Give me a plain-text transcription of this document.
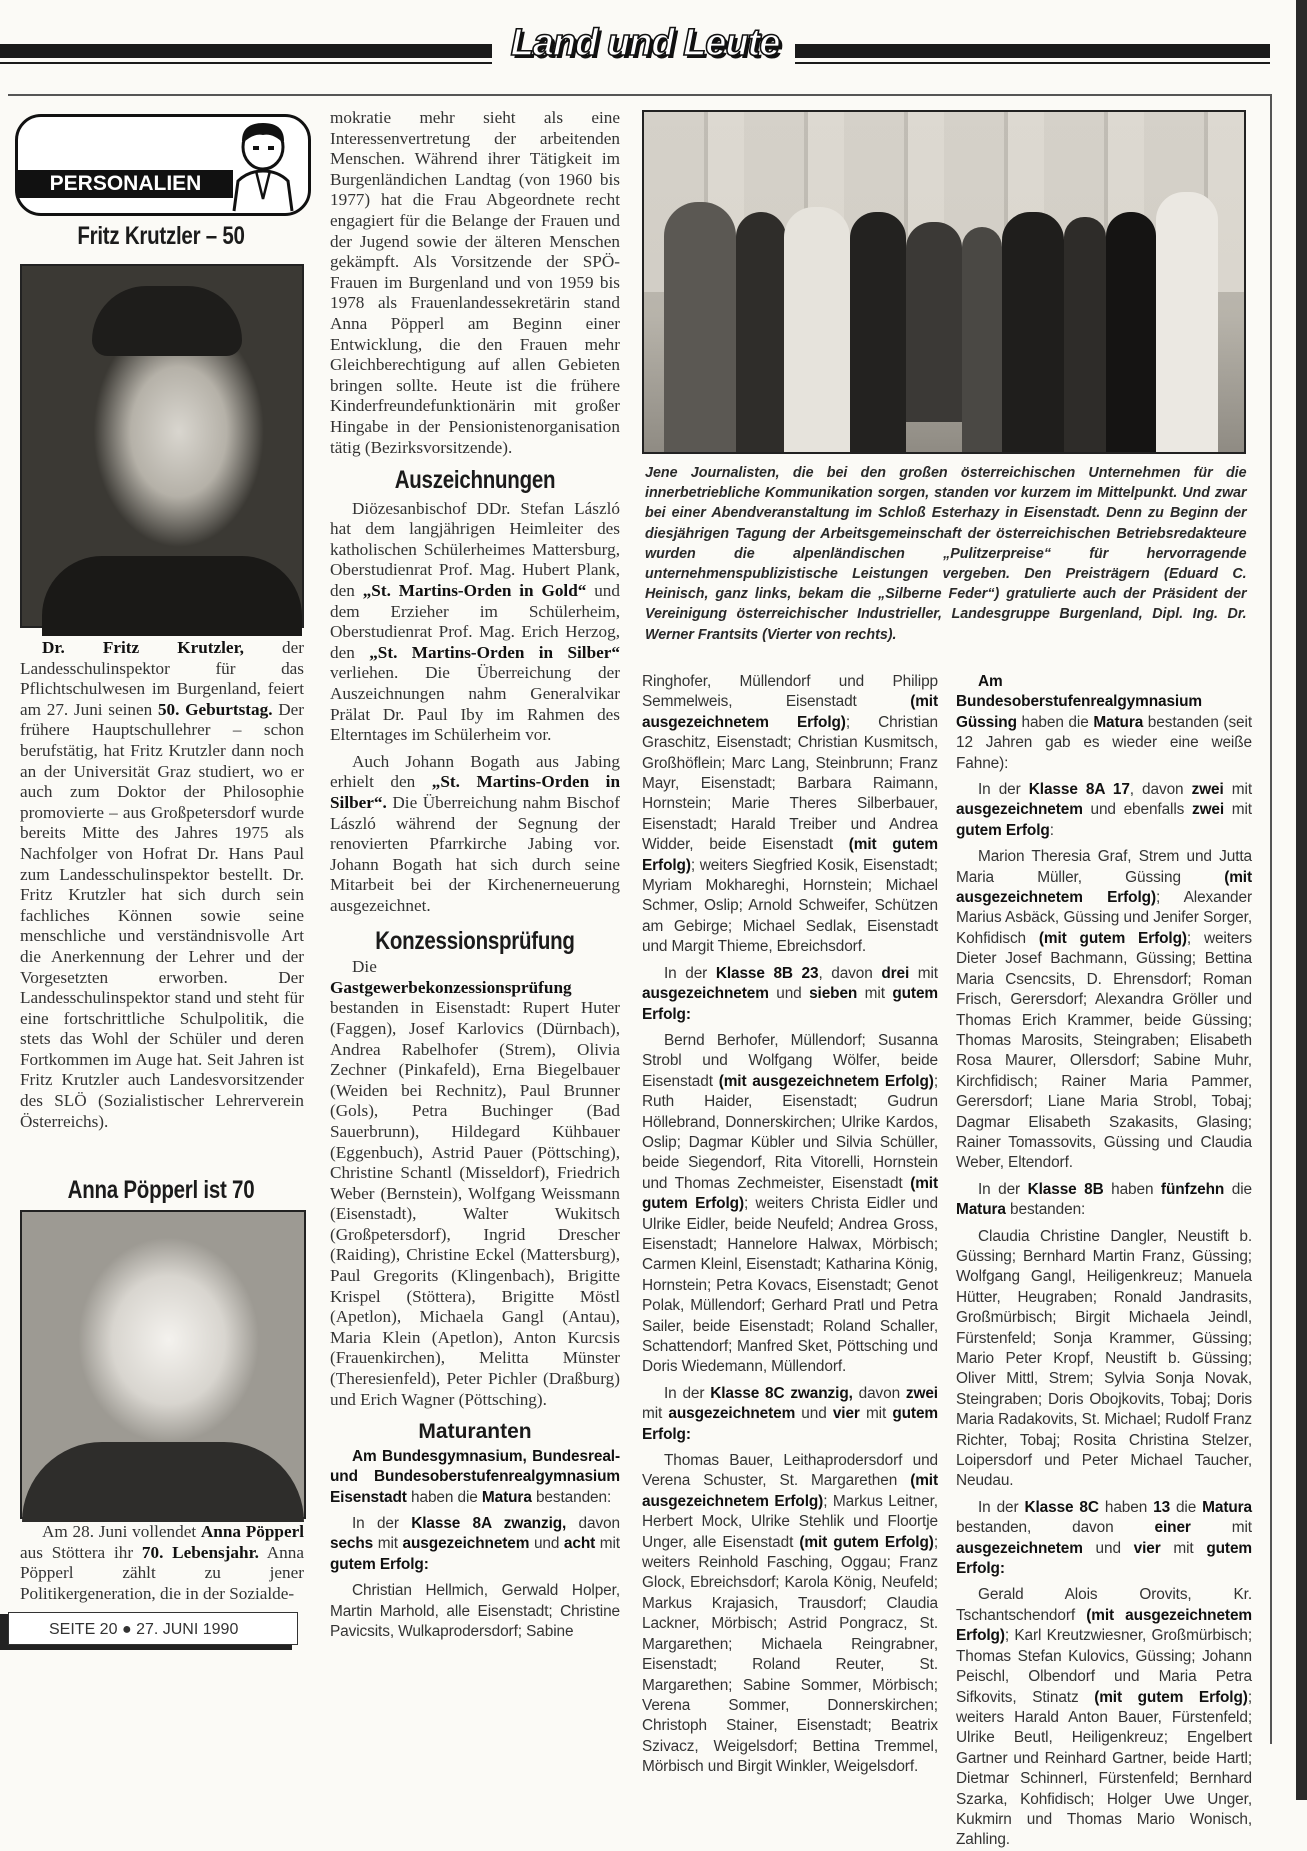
Land und Leute
PERSONALIEN
Fritz Krutzler – 50

Dr. Fritz Krutzler, der Landesschulinspektor für das Pflichtschulwesen im Burgenland, feiert am 27. Juni seinen 50. Geburtstag. Der frühere Hauptschullehrer – schon berufstätig, hat Fritz Krutzler dann noch an der Universität Graz studiert, wo er auch zum Doktor der Philosophie promovierte – aus Großpetersdorf wurde bereits Mitte des Jahres 1975 als Nachfolger von Hofrat Dr. Hans Paul zum Landesschulinspektor bestellt. Dr. Fritz Krutzler hat sich durch sein fachliches Können sowie seine menschliche und verständnisvolle Art die Anerkennung der Lehrer und der Vorgesetzten erworben. Der Landesschulinspektor stand und steht für eine fortschrittliche Schulpolitik, die stets das Wohl der Schüler und deren Fortkommen im Auge hat. Seit Jahren ist Fritz Krutzler auch Landesvorsitzender des SLÖ (Sozialistischer Lehrerverein Österreichs).

Anna Pöpperl ist 70

Am 28. Juni vollendet Anna Pöpperl aus Stöttera ihr 70. Lebensjahr. Anna Pöpperl zählt zu jener Politikergeneration, die in der Sozialde-

SEITE 20 ● 27. JUNI 1990

mokratie mehr sieht als eine Interessenvertretung der arbeitenden Menschen. Während ihrer Tätigkeit im Burgenländichen Landtag (von 1960 bis 1977) hat die Frau Abgeordnete recht engagiert für die Belange der Frauen und der Jugend sowie der älteren Menschen gekämpft. Als Vorsitzende der SPÖ-Frauen im Burgenland und von 1959 bis 1978 als Frauenlandessekretärin stand Anna Pöpperl am Beginn einer Entwicklung, die den Frauen mehr Gleichberechtigung auf allen Gebieten bringen sollte. Heute ist die frühere Kinderfreundefunktionärin mit großer Hingabe in der Pensionistenorganisation tätig (Bezirksvorsitzende).

Auszeichnungen

Diözesanbischof DDr. Stefan László hat dem langjährigen Heimleiter des katholischen Schülerheimes Mattersburg, Oberstudienrat Prof. Mag. Hubert Plank, den „St. Martins-Orden in Gold“ und dem Erzieher im Schülerheim, Oberstudienrat Prof. Mag. Erich Herzog, den „St. Martins-Orden in Silber“ verliehen. Die Überreichung der Auszeichnungen nahm Generalvikar Prälat Dr. Paul Iby im Rahmen des Elterntages im Schülerheim vor.

Auch Johann Bogath aus Jabing erhielt den „St. Martins-Orden in Silber“. Die Überreichung nahm Bischof László während der Segnung der renovierten Pfarrkirche Jabing vor. Johann Bogath hat sich durch seine Mitarbeit bei der Kirchenerneuerung ausgezeichnet.

Konzessionsprüfung

Die Gastgewerbekonzessionsprüfung bestanden in Eisenstadt: Rupert Huter (Faggen), Josef Karlovics (Dürnbach), Andrea Rabelhofer (Strem), Olivia Zechner (Pinkafeld), Erna Biegelbauer (Weiden bei Rechnitz), Paul Brunner (Gols), Petra Buchinger (Bad Sauerbrunn), Hildegard Kühbauer (Eggenbuch), Astrid Pauer (Pöttsching), Christine Schantl (Misseldorf), Friedrich Weber (Bernstein), Wolfgang Weissmann (Eisenstadt), Walter Wukitsch (Großpetersdorf), Ingrid Drescher (Raiding), Christine Eckel (Mattersburg), Paul Gregorits (Klingenbach), Brigitte Krispel (Stöttera), Brigitte Möstl (Apetlon), Michaela Gangl (Antau), Maria Klein (Apetlon), Anton Kurcsis (Frauenkirchen), Melitta Münster (Theresienfeld), Peter Pichler (Draßburg) und Erich Wagner (Pöttsching).

Maturanten

Am Bundesgymnasium, Bundesreal- und Bundesoberstufenrealgymnasium Eisenstadt haben die Matura bestanden:

In der Klasse 8A zwanzig, davon sechs mit ausgezeichnetem und acht mit gutem Erfolg:

Christian Hellmich, Gerwald Holper, Martin Marhold, alle Eisenstadt; Christine Pavicsits, Wulkaprodersdorf; Sabine

Jene Journalisten, die bei den großen österreichischen Unternehmen für die innerbetriebliche Kommunikation sorgen, standen vor kurzem im Mittelpunkt. Und zwar bei einer Abendveranstaltung im Schloß Esterhazy in Eisenstadt. Denn zu Beginn der diesjährigen Tagung der Arbeitsgemeinschaft der österreichischen Betriebsredakteure wurden die alpenländischen „Pulitzerpreise“ für hervorragende unternehmenspublizistische Leistungen vergeben. Den Preisträgern (Eduard C. Heinisch, ganz links, bekam die „Silberne Feder“) gratulierte auch der Präsident der Vereinigung österreichischer Industrieller, Landesgruppe Burgenland, Dipl. Ing. Dr. Werner Frantsits (Vierter von rechts).

Ringhofer, Müllendorf und Philipp Semmelweis, Eisenstadt (mit ausgezeichnetem Erfolg); Christian Graschitz, Eisenstadt; Christian Kusmitsch, Großhöflein; Marc Lang, Steinbrunn; Franz Mayr, Eisenstadt; Barbara Raimann, Hornstein; Marie Theres Silberbauer, Eisenstadt; Harald Treiber und Andrea Widder, beide Eisenstadt (mit gutem Erfolg); weiters Siegfried Kosik, Eisenstadt; Myriam Mokhareghi, Hornstein; Michael Schmer, Oslip; Arnold Schweifer, Schützen am Gebirge; Michael Sedlak, Eisenstadt und Margit Thieme, Ebreichsdorf.

In der Klasse 8B 23, davon drei mit ausgezeichnetem und sieben mit gutem Erfolg:

Bernd Berhofer, Müllendorf; Susanna Strobl und Wolfgang Wölfer, beide Eisenstadt (mit ausgezeichnetem Erfolg); Ruth Haider, Eisenstadt; Gudrun Höllebrand, Donnerskirchen; Ulrike Kardos, Oslip; Dagmar Kübler und Silvia Schüller, beide Siegendorf, Rita Vitorelli, Hornstein und Thomas Zechmeister, Eisenstadt (mit gutem Erfolg); weiters Christa Eidler und Ulrike Eidler, beide Neufeld; Andrea Gross, Eisenstadt; Hannelore Halwax, Mörbisch; Carmen Kleinl, Eisenstadt; Katharina König, Hornstein; Petra Kovacs, Eisenstadt; Genot Polak, Müllendorf; Gerhard Pratl und Petra Sailer, beide Eisenstadt; Roland Schaller, Schattendorf; Manfred Sket, Pöttsching und Doris Wiedemann, Müllendorf.

In der Klasse 8C zwanzig, davon zwei mit ausgezeichnetem und vier mit gutem Erfolg:

Thomas Bauer, Leithaprodersdorf und Verena Schuster, St. Margarethen (mit ausgezeichnetem Erfolg); Markus Leitner, Herbert Mock, Ulrike Stehlik und Floortje Unger, alle Eisenstadt (mit gutem Erfolg); weiters Reinhold Fasching, Oggau; Franz Glock, Ebreichsdorf; Karola König, Neufeld; Markus Krajasich, Trausdorf; Claudia Lackner, Mörbisch; Astrid Pongracz, St. Margarethen; Michaela Reingrabner, Eisenstadt; Roland Reuter, St. Margarethen; Sabine Sommer, Mörbisch; Verena Sommer, Donnerskirchen; Christoph Stainer, Eisenstadt; Beatrix Szivacz, Weigelsdorf; Bettina Tremmel, Mörbisch und Birgit Winkler, Weigelsdorf.

Am Bundesoberstufenrealgymnasium Güssing haben die Matura bestanden (seit 12 Jahren gab es wieder eine weiße Fahne):

In der Klasse 8A 17, davon zwei mit ausgezeichnetem und ebenfalls zwei mit gutem Erfolg:

Marion Theresia Graf, Strem und Jutta Maria Müller, Güssing (mit ausgezeichnetem Erfolg); Alexander Marius Asbäck, Güssing und Jenifer Sorger, Kohfidisch (mit gutem Erfolg); weiters Dieter Josef Bachmann, Güssing; Bettina Maria Csencsits, D. Ehrensdorf; Roman Frisch, Gerersdorf; Alexandra Gröller und Thomas Erich Krammer, beide Güssing; Thomas Marosits, Steingraben; Elisabeth Rosa Maurer, Ollersdorf; Sabine Muhr, Kirchfidisch; Rainer Maria Pammer, Gerersdorf; Liane Maria Strobl, Tobaj; Dagmar Elisabeth Szakasits, Glasing; Rainer Tomassovits, Güssing und Claudia Weber, Eltendorf.

In der Klasse 8B haben fünfzehn die Matura bestanden:

Claudia Christine Dangler, Neustift b. Güssing; Bernhard Martin Franz, Güssing; Wolfgang Gangl, Heiligenkreuz; Manuela Hütter, Heugraben; Ronald Jandrasits, Großmürbisch; Birgit Michaela Jeindl, Fürstenfeld; Sonja Krammer, Güssing; Mario Peter Kropf, Neustift b. Güssing; Oliver Mittl, Strem; Sylvia Sonja Novak, Steingraben; Doris Obojkovits, Tobaj; Doris Maria Radakovits, St. Michael; Rudolf Franz Richter, Tobaj; Rosita Christina Stelzer, Loipersdorf und Peter Michael Taucher, Neudau.

In der Klasse 8C haben 13 die Matura bestanden, davon einer mit ausgezeichnetem und vier mit gutem Erfolg:

Gerald Alois Orovits, Kr. Tschantschendorf (mit ausgezeichnetem Erfolg); Karl Kreutzwiesner, Großmürbisch; Thomas Stefan Kulovics, Güssing; Johann Peischl, Olbendorf und Maria Petra Sifkovits, Stinatz (mit gutem Erfolg); weiters Harald Anton Bauer, Fürstenfeld; Ulrike Beutl, Heiligenkreuz; Engelbert Gartner und Reinhard Gartner, beide Hartl; Dietmar Schinnerl, Fürstenfeld; Bernhard Szarka, Kohfidisch; Holger Uwe Unger, Kukmirn und Thomas Mario Wonisch, Zahling.
